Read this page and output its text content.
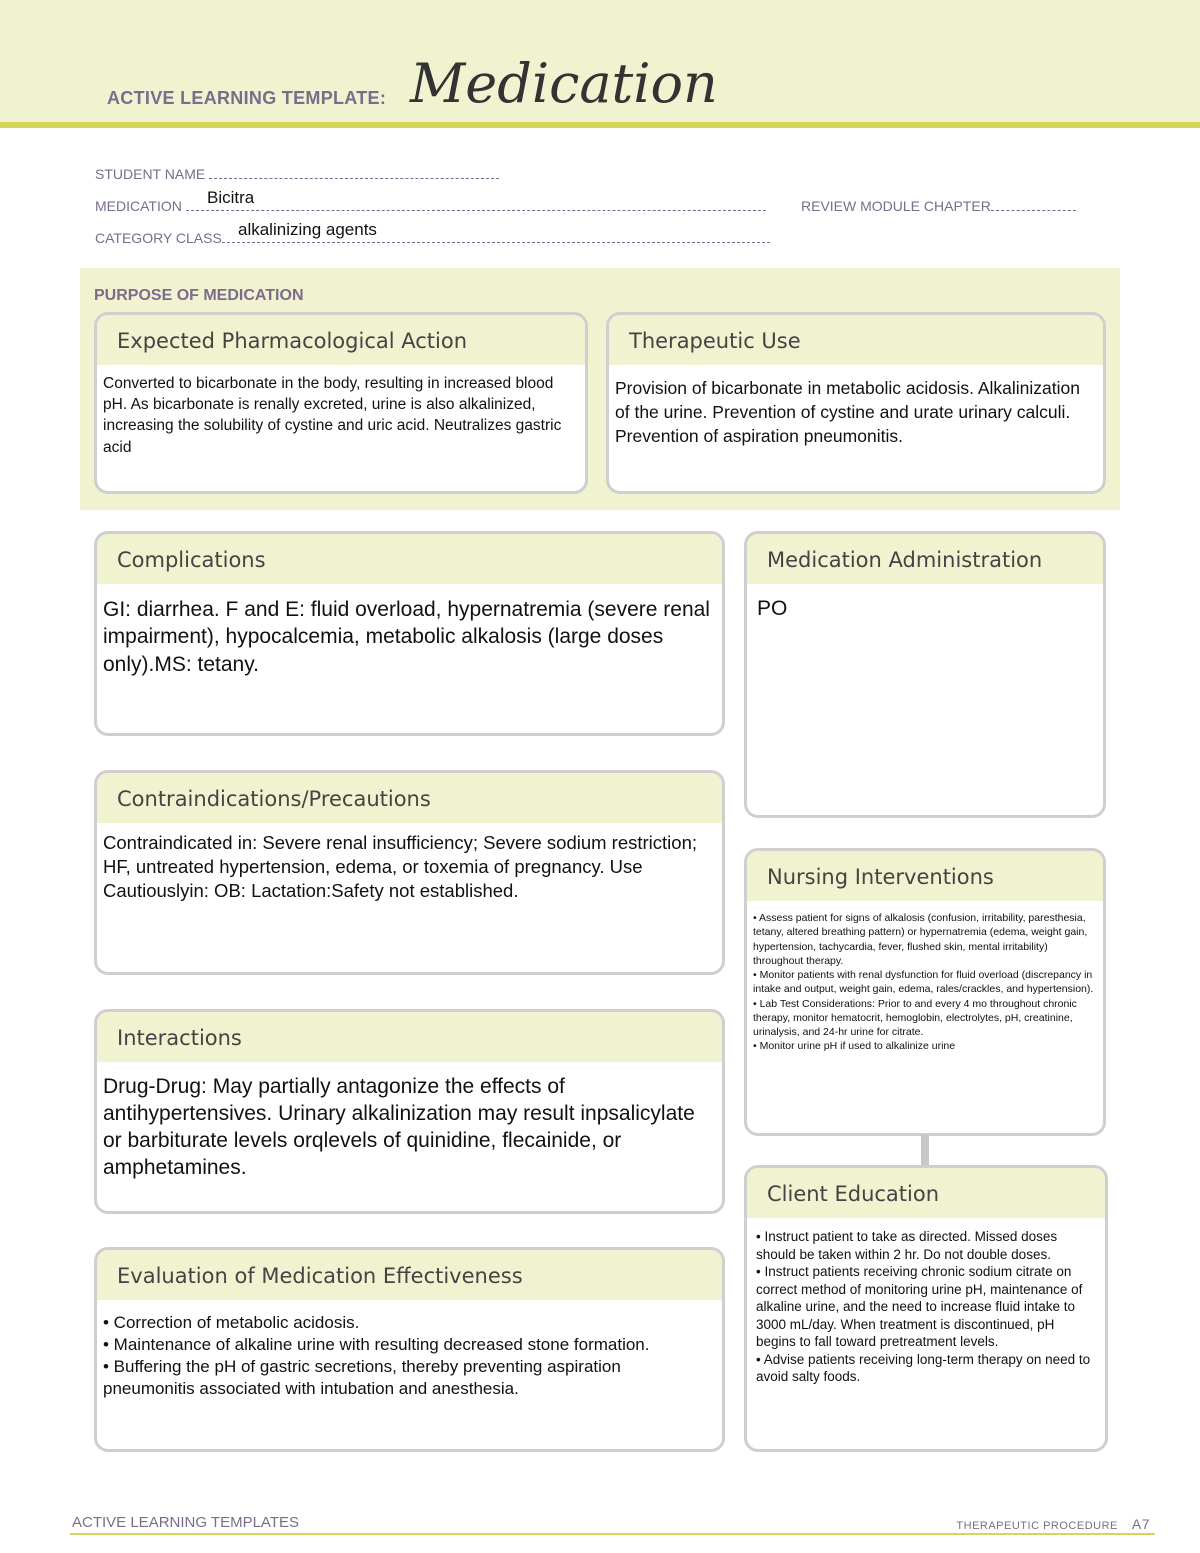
ACTIVE LEARNING TEMPLATE: Medication
STUDENT NAME
MEDICATION Bicitra	REVIEW MODULE CHAPTER
CATEGORY CLASS alkalinizing agents
PURPOSE OF MEDICATION
Expected Pharmacological Action
Converted to bicarbonate in the body, resulting in increased blood pH. As bicarbonate is renally excreted, urine is also alkalinized, increasing the solubility of cystine and uric acid. Neutralizes gastric acid
Therapeutic Use
Provision of bicarbonate in metabolic acidosis. Alkalinization of the urine. Prevention of cystine and urate urinary calculi. Prevention of aspiration pneumonitis.
Complications
GI: diarrhea. F and E: fluid overload, hypernatremia (severe renal impairment), hypocalcemia, metabolic alkalosis (large doses only).MS: tetany.
Medication Administration
PO
Contraindications/Precautions
Contraindicated in: Severe renal insufficiency; Severe sodium restriction; HF, untreated hypertension, edema, or toxemia of pregnancy. Use Cautiouslyin: OB: Lactation:Safety not established.
Nursing Interventions
• Assess patient for signs of alkalosis (confusion, irritability, paresthesia, tetany, altered breathing pattern) or hypernatremia (edema, weight gain, hypertension, tachycardia, fever, flushed skin, mental irritability) throughout therapy.
• Monitor patients with renal dysfunction for fluid overload (discrepancy in intake and output, weight gain, edema, rales/crackles, and hypertension).
• Lab Test Considerations: Prior to and every 4 mo throughout chronic therapy, monitor hematocrit, hemoglobin, electrolytes, pH, creatinine, urinalysis, and 24-hr urine for citrate.
• Monitor urine pH if used to alkalinize urine
Interactions
Drug-Drug: May partially antagonize the effects of antihypertensives. Urinary alkalinization may result inpsalicylate or barbiturate levels orqlevels of quinidine, flecainide, or amphetamines.
Client Education
• Instruct patient to take as directed. Missed doses should be taken within 2 hr. Do not double doses.
• Instruct patients receiving chronic sodium citrate on correct method of monitoring urine pH, maintenance of alkaline urine, and the need to increase fluid intake to 3000 mL/day. When treatment is discontinued, pH begins to fall toward pretreatment levels.
• Advise patients receiving long-term therapy on need to avoid salty foods.
Evaluation of Medication Effectiveness
• Correction of metabolic acidosis.
• Maintenance of alkaline urine with resulting decreased stone formation.
• Buffering the pH of gastric secretions, thereby preventing aspiration pneumonitis associated with intubation and anesthesia.
ACTIVE LEARNING TEMPLATES	THERAPEUTIC PROCEDURE A7
